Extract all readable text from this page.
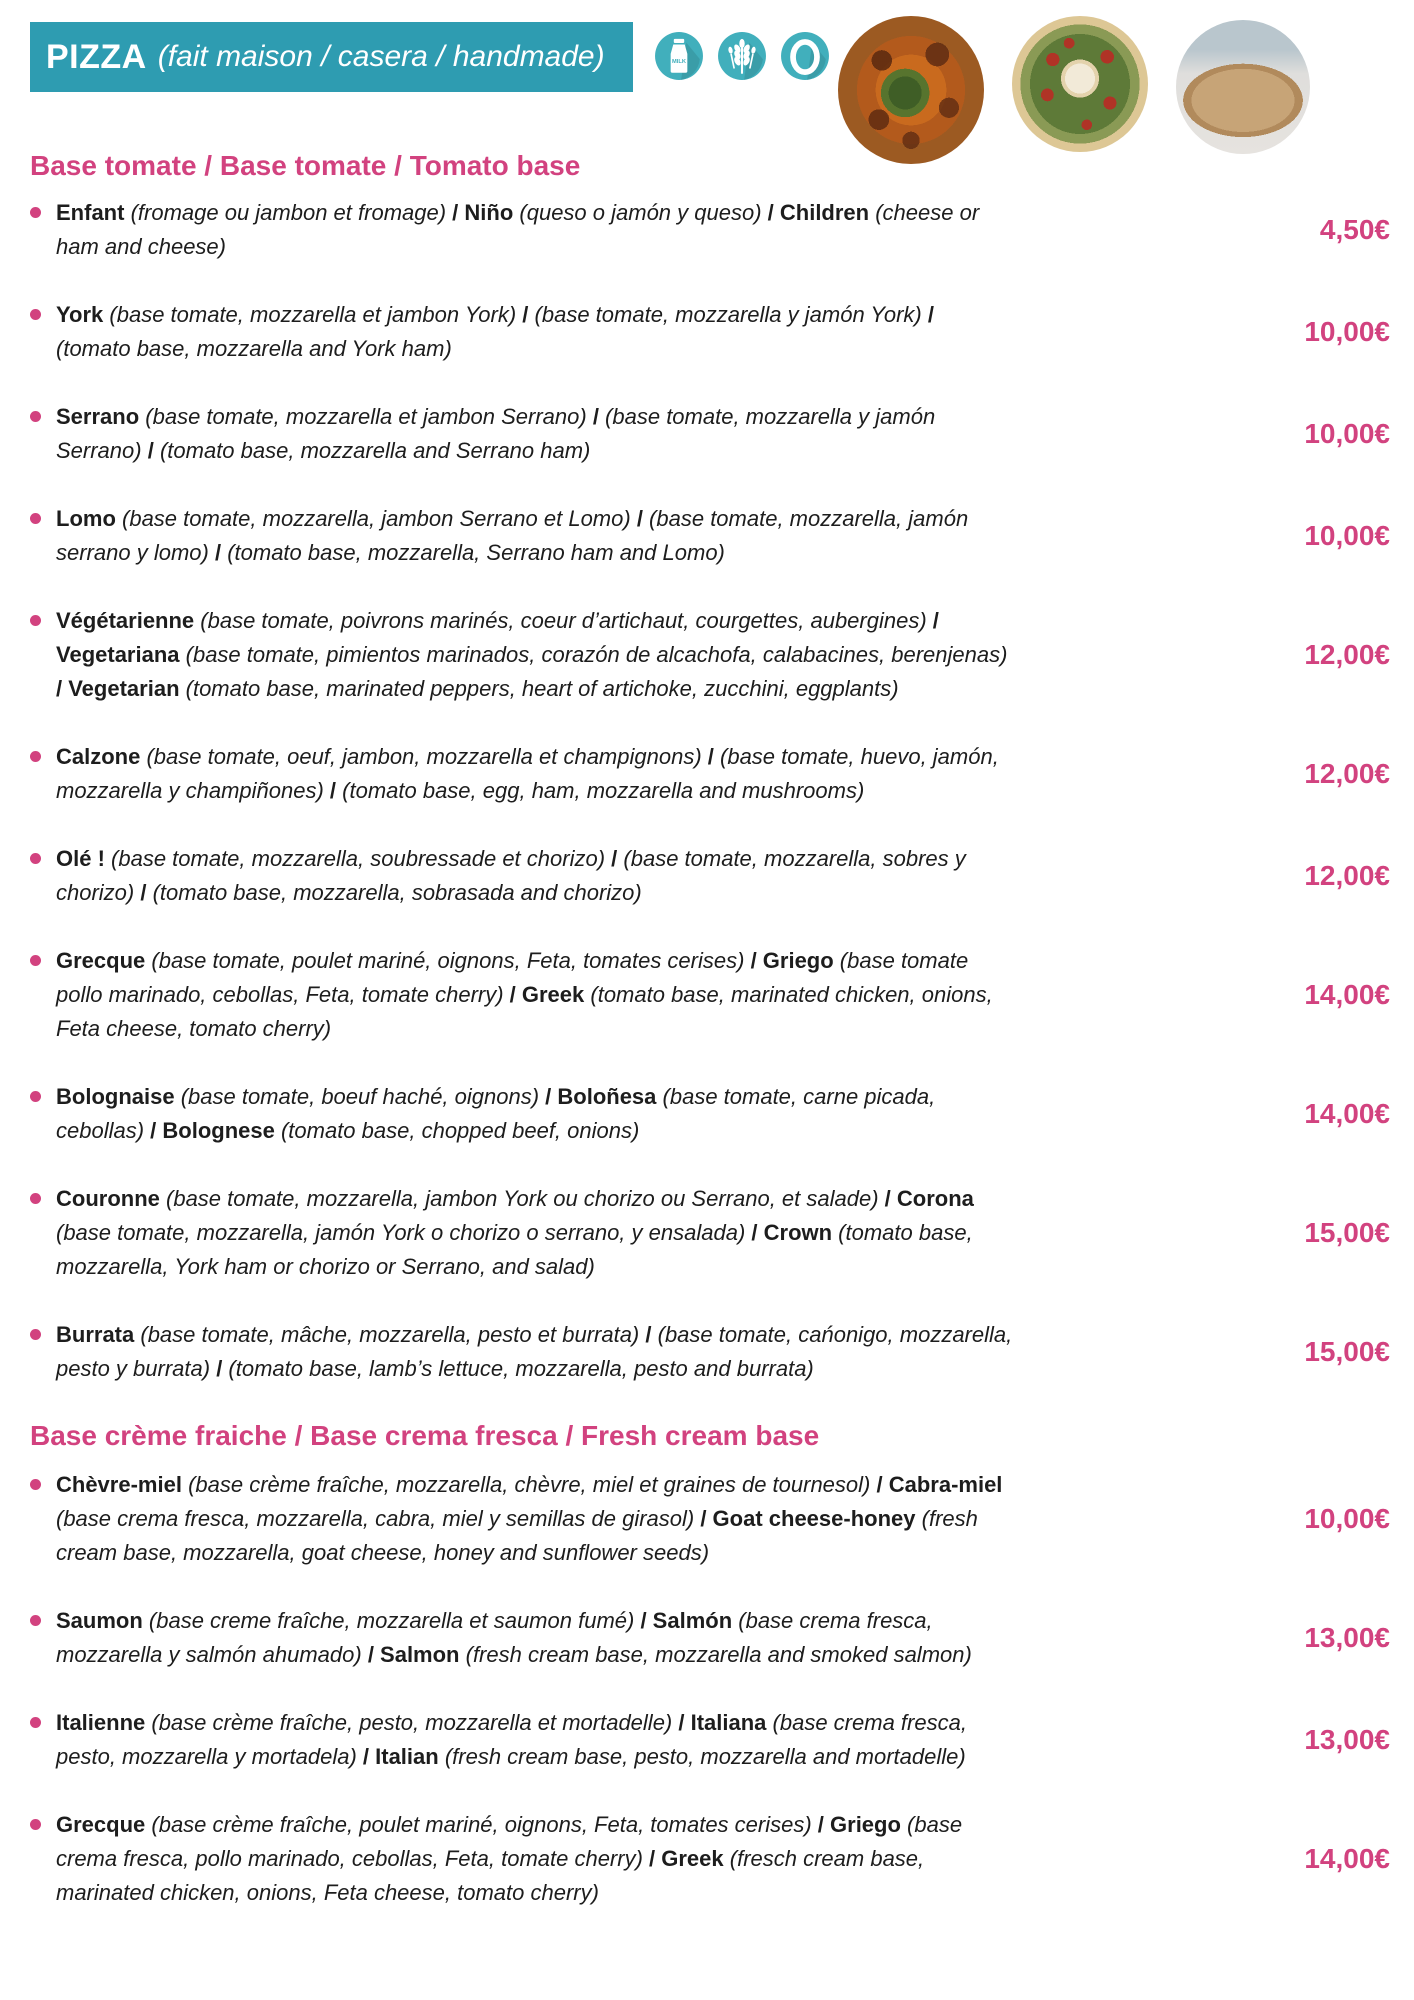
PIZZA (fait maison / casera / handmade)	MILK
Base tomate / Base tomate / Tomato base

Enfant (fromage ou jambon et fromage) / Niño (queso o jamón y queso) / Children (cheese or ham and cheese)

4,50€

York (base tomate, mozzarella et jambon York) / (base tomate, mozzarella y jamón York) / (tomato base, mozzarella and York ham)

10,00€

Serrano (base tomate, mozzarella et jambon Serrano) / (base tomate, mozzarella y jamón Serrano) / (tomato base, mozzarella and Serrano ham)

10,00€

Lomo (base tomate, mozzarella, jambon Serrano et Lomo) / (base tomate, mozzarella, jamón serrano y lomo) / (tomato base, mozzarella, Serrano ham and Lomo)

10,00€

Végétarienne (base tomate, poivrons marinés, coeur d’artichaut, courgettes, aubergines) / Vegetariana (base tomate, pimientos marinados, corazón de alcachofa, calabacines, berenjenas) / Vegetarian (tomato base, marinated peppers, heart of artichoke, zucchini, eggplants)

12,00€

Calzone (base tomate, oeuf, jambon, mozzarella et champignons) / (base tomate, huevo, jamón, mozzarella y champiñones) / (tomato base, egg, ham, mozzarella and mushrooms)

12,00€

Olé ! (base tomate, mozzarella, soubressade et chorizo) / (base tomate, mozzarella, sobres y chorizo) / (tomato base, mozzarella, sobrasada and chorizo)

12,00€

Grecque (base tomate, poulet mariné, oignons, Feta, tomates cerises) / Griego (base tomate pollo marinado, cebollas, Feta, tomate cherry) / Greek (tomato base, marinated chicken, onions, Feta cheese, tomato cherry)

14,00€

Bolognaise (base tomate, boeuf haché, oignons) / Boloñesa (base tomate, carne picada, cebollas) / Bolognese (tomato base, chopped beef, onions)

14,00€

Couronne (base tomate, mozzarella, jambon York ou chorizo ou Serrano, et salade) / Corona (base tomate, mozzarella, jamón York o chorizo o serrano, y ensalada) / Crown (tomato base, mozzarella, York ham or chorizo or Serrano, and salad)

15,00€

Burrata (base tomate, mâche, mozzarella, pesto et burrata) / (base tomate, cańonigo, mozzarella, pesto y burrata) / (tomato base, lamb’s lettuce, mozzarella, pesto and burrata)

15,00€
Base crème fraiche / Base crema fresca / Fresh cream base

Chèvre-miel (base crème fraîche, mozzarella, chèvre, miel et graines de tournesol) / Cabra-miel (base crema fresca, mozzarella, cabra, miel y semillas de girasol) / Goat cheese-honey (fresh cream base, mozzarella, goat cheese, honey and sunflower seeds)

10,00€

Saumon (base creme fraîche, mozzarella et saumon fumé) / Salmón (base crema fresca, mozzarella y salmón ahumado) / Salmon (fresh cream base, mozzarella and smoked salmon)

13,00€

Italienne (base crème fraîche, pesto, mozzarella et mortadelle) / Italiana (base crema fresca, pesto, mozzarella y mortadela) / Italian (fresh cream base, pesto, mozzarella and mortadelle)

13,00€

Grecque (base crème fraîche, poulet mariné, oignons, Feta, tomates cerises) / Griego (base crema fresca, pollo marinado, cebollas, Feta, tomate cherry) / Greek (fresch cream base, marinated chicken, onions, Feta cheese, tomato cherry)

14,00€
